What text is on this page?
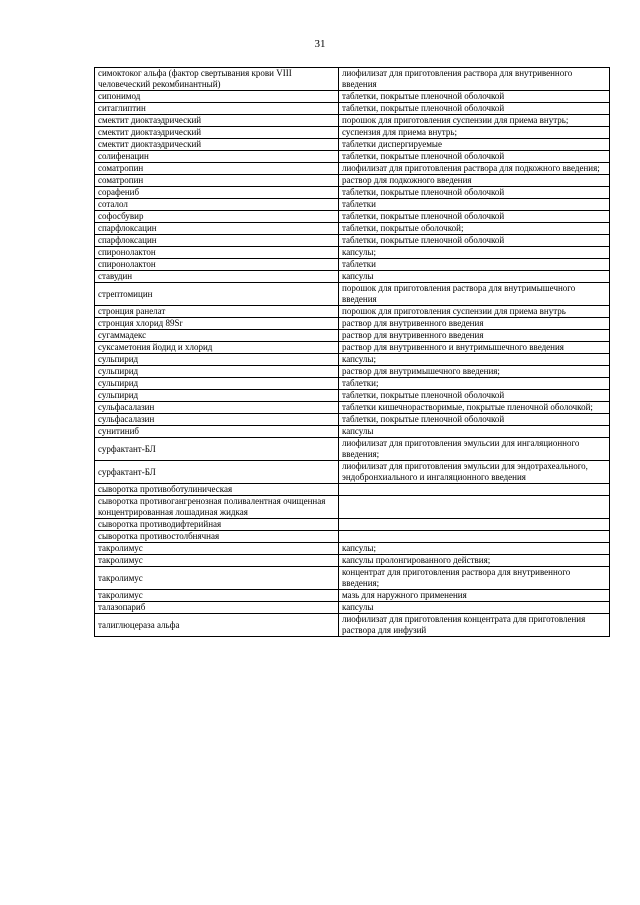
31
симоктоког альфа (фактор свертывания крови VIII человеческий рекомбинантный)	лиофилизат для приготовления раствора для внутривенного введения
сипонимод	таблетки, покрытые пленочной оболочкой
ситаглиптин	таблетки, покрытые пленочной оболочкой
смектит диоктаэдрический	порошок для приготовления суспензии для приема внутрь;
смектит диоктаэдрический	суспензия для приема внутрь;
смектит диоктаэдрический	таблетки диспергируемые
солифенацин	таблетки, покрытые пленочной оболочкой
соматропин	лиофилизат для приготовления раствора для подкожного введения;
соматропин	раствор для подкожного введения
сорафениб	таблетки, покрытые пленочной оболочкой
соталол	таблетки
софосбувир	таблетки, покрытые пленочной оболочкой
спарфлоксацин	таблетки, покрытые оболочкой;
спарфлоксацин	таблетки, покрытые пленочной оболочкой
спиронолактон	капсулы;
спиронолактон	таблетки
ставудин	капсулы
стрептомицин	порошок для приготовления раствора для внутримышечного введения
стронция ранелат	порошок для приготовления суспензии для приема внутрь
стронция хлорид 89Sr	раствор для внутривенного введения
сугаммадекс	раствор для внутривенного введения
суксаметония йодид и хлорид	раствор для внутривенного и внутримышечного введения
сульпирид	капсулы;
сульпирид	раствор для внутримышечного введения;
сульпирид	таблетки;
сульпирид	таблетки, покрытые пленочной оболочкой
сульфасалазин	таблетки кишечнорастворимые, покрытые пленочной оболочкой;
сульфасалазин	таблетки, покрытые пленочной оболочкой
сунитиниб	капсулы
сурфактант-БЛ	лиофилизат для приготовления эмульсии для ингаляционного введения;
сурфактант-БЛ	лиофилизат для приготовления эмульсии для эндотрахеального, эндобронхиального и ингаляционного введения
сыворотка противоботулиническая	
сыворотка противогангренозная поливалентная очищенная концентрированная лошадиная жидкая	
сыворотка противодифтерийная	
сыворотка противостолбнячная	
такролимус	капсулы;
такролимус	капсулы пролонгированного действия;
такролимус	концентрат для приготовления раствора для внутривенного введения;
такролимус	мазь для наружного применения
талазопариб	капсулы
талиглюцераза альфа	лиофилизат для приготовления концентрата для приготовления раствора для инфузий
